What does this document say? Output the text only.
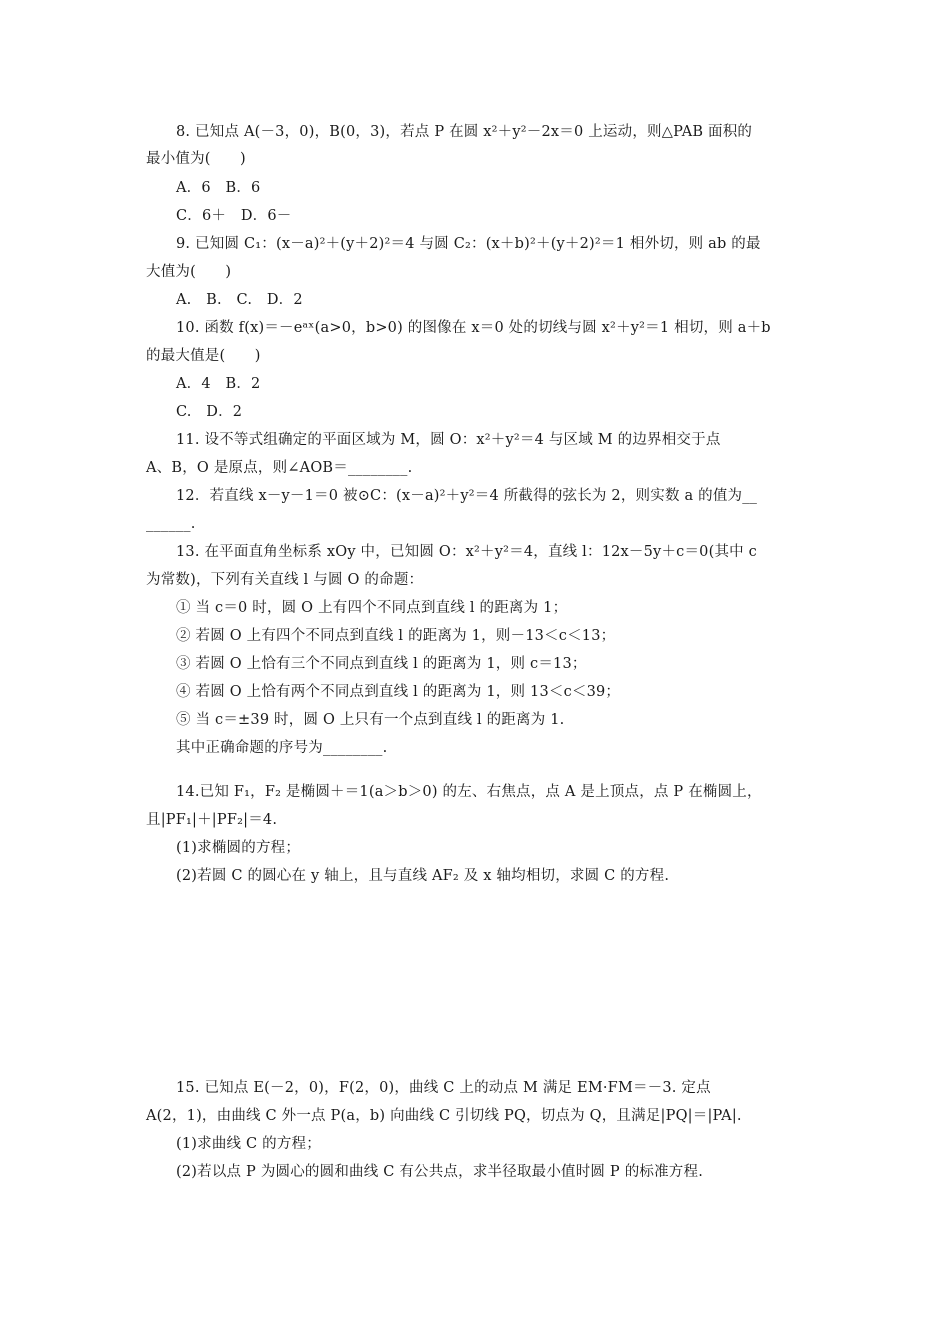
8. 已知点 A(－3，0)，B(0，3)，若点 P 在圆 x²＋y²－2x＝0 上运动，则△PAB 面积的
最小值为(　　)
A．6　B．6
C．6＋　D．6－
9. 已知圆 C₁：(x－a)²＋(y＋2)²＝4 与圆 C₂：(x＋b)²＋(y＋2)²＝1 相外切，则 ab 的最
大值为(　　)
A.　B.　C.　D．2
10. 函数 f(x)＝－eᵃˣ(a>0，b>0) 的图像在 x＝0 处的切线与圆 x²＋y²＝1 相切，则 a＋b
的最大值是(　　)
A．4　B．2
C.　D．2
11. 设不等式组确定的平面区域为 M，圆 O：x²＋y²＝4 与区域 M 的边界相交于点
A、B，O 是原点，则∠AOB＝________.
12．若直线 x－y－1＝0 被⊙C：(x－a)²＋y²＝4 所截得的弦长为 2，则实数 a 的值为__
______.
13. 在平面直角坐标系 xOy 中，已知圆 O：x²＋y²＝4，直线 l：12x－5y＋c＝0(其中 c
为常数)，下列有关直线 l 与圆 O 的命题：
① 当 c＝0 时，圆 O 上有四个不同点到直线 l 的距离为 1；
② 若圆 O 上有四个不同点到直线 l 的距离为 1，则－13＜c＜13；
③ 若圆 O 上恰有三个不同点到直线 l 的距离为 1，则 c＝13；
④ 若圆 O 上恰有两个不同点到直线 l 的距离为 1，则 13＜c＜39；
⑤ 当 c＝±39 时，圆 O 上只有一个点到直线 l 的距离为 1.
其中正确命题的序号为________.
14.已知 F₁，F₂ 是椭圆＋＝1(a＞b＞0) 的左、右焦点，点 A 是上顶点，点 P 在椭圆上，
且|PF₁|＋|PF₂|＝4.
(1)求椭圆的方程；
(2)若圆 C 的圆心在 y 轴上，且与直线 AF₂ 及 x 轴均相切，求圆 C 的方程.
15. 已知点 E(－2，0)，F(2，0)，曲线 C 上的动点 M 满足 EM·FM＝－3. 定点
A(2，1)，由曲线 C 外一点 P(a，b) 向曲线 C 引切线 PQ，切点为 Q，且满足|PQ|＝|PA|.
(1)求曲线 C 的方程；
(2)若以点 P 为圆心的圆和曲线 C 有公共点，求半径取最小值时圆 P 的标准方程.
